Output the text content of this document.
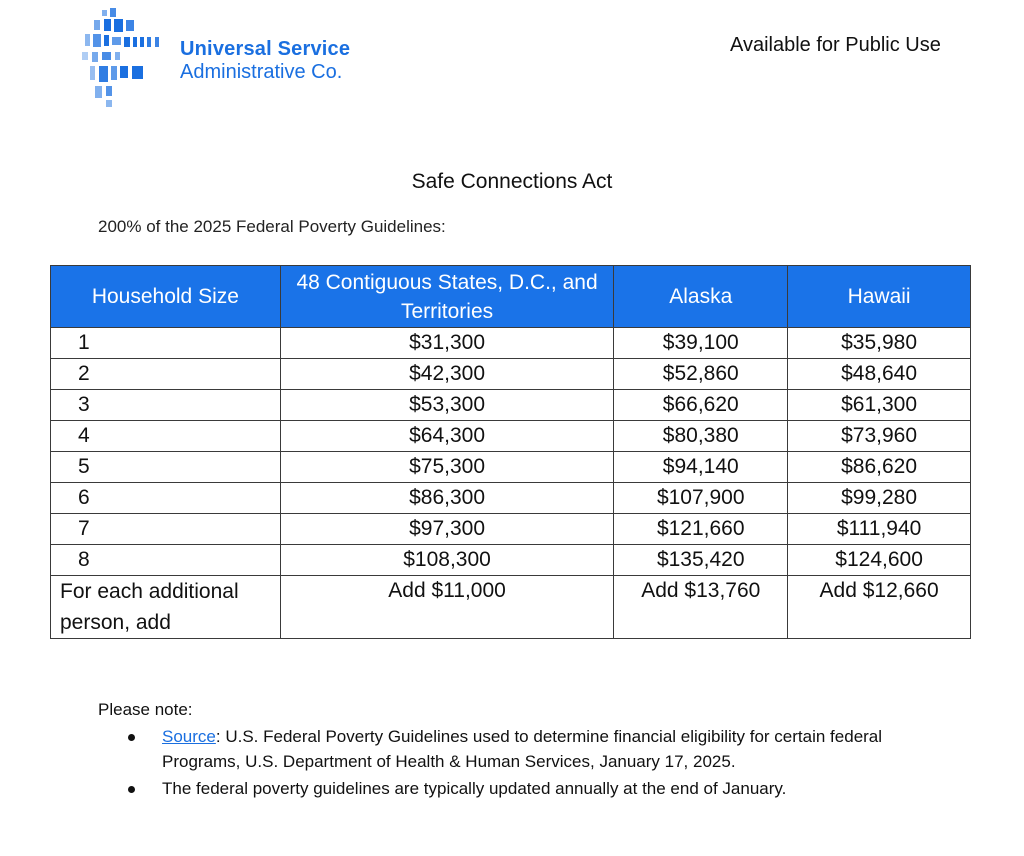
Universal Service
Administrative Co.
Available for Public Use
Safe Connections Act
200% of the 2025 Federal Poverty Guidelines:
Household Size	48 Contiguous States, D.C., and Territories	Alaska	Hawaii
1	$31,300	$39,100	$35,980
2	$42,300	$52,860	$48,640
3	$53,300	$66,620	$61,300
4	$64,300	$80,380	$73,960
5	$75,300	$94,140	$86,620
6	$86,300	$107,900	$99,280
7	$97,300	$121,660	$111,940
8	$108,300	$135,420	$124,600
For each additional person, add	Add $11,000	Add $13,760	Add $12,660
Please note:
Source: U.S. Federal Poverty Guidelines used to determine financial eligibility for certain federal Programs, U.S. Department of Health & Human Services, January 17, 2025.
The federal poverty guidelines are typically updated annually at the end of January.
